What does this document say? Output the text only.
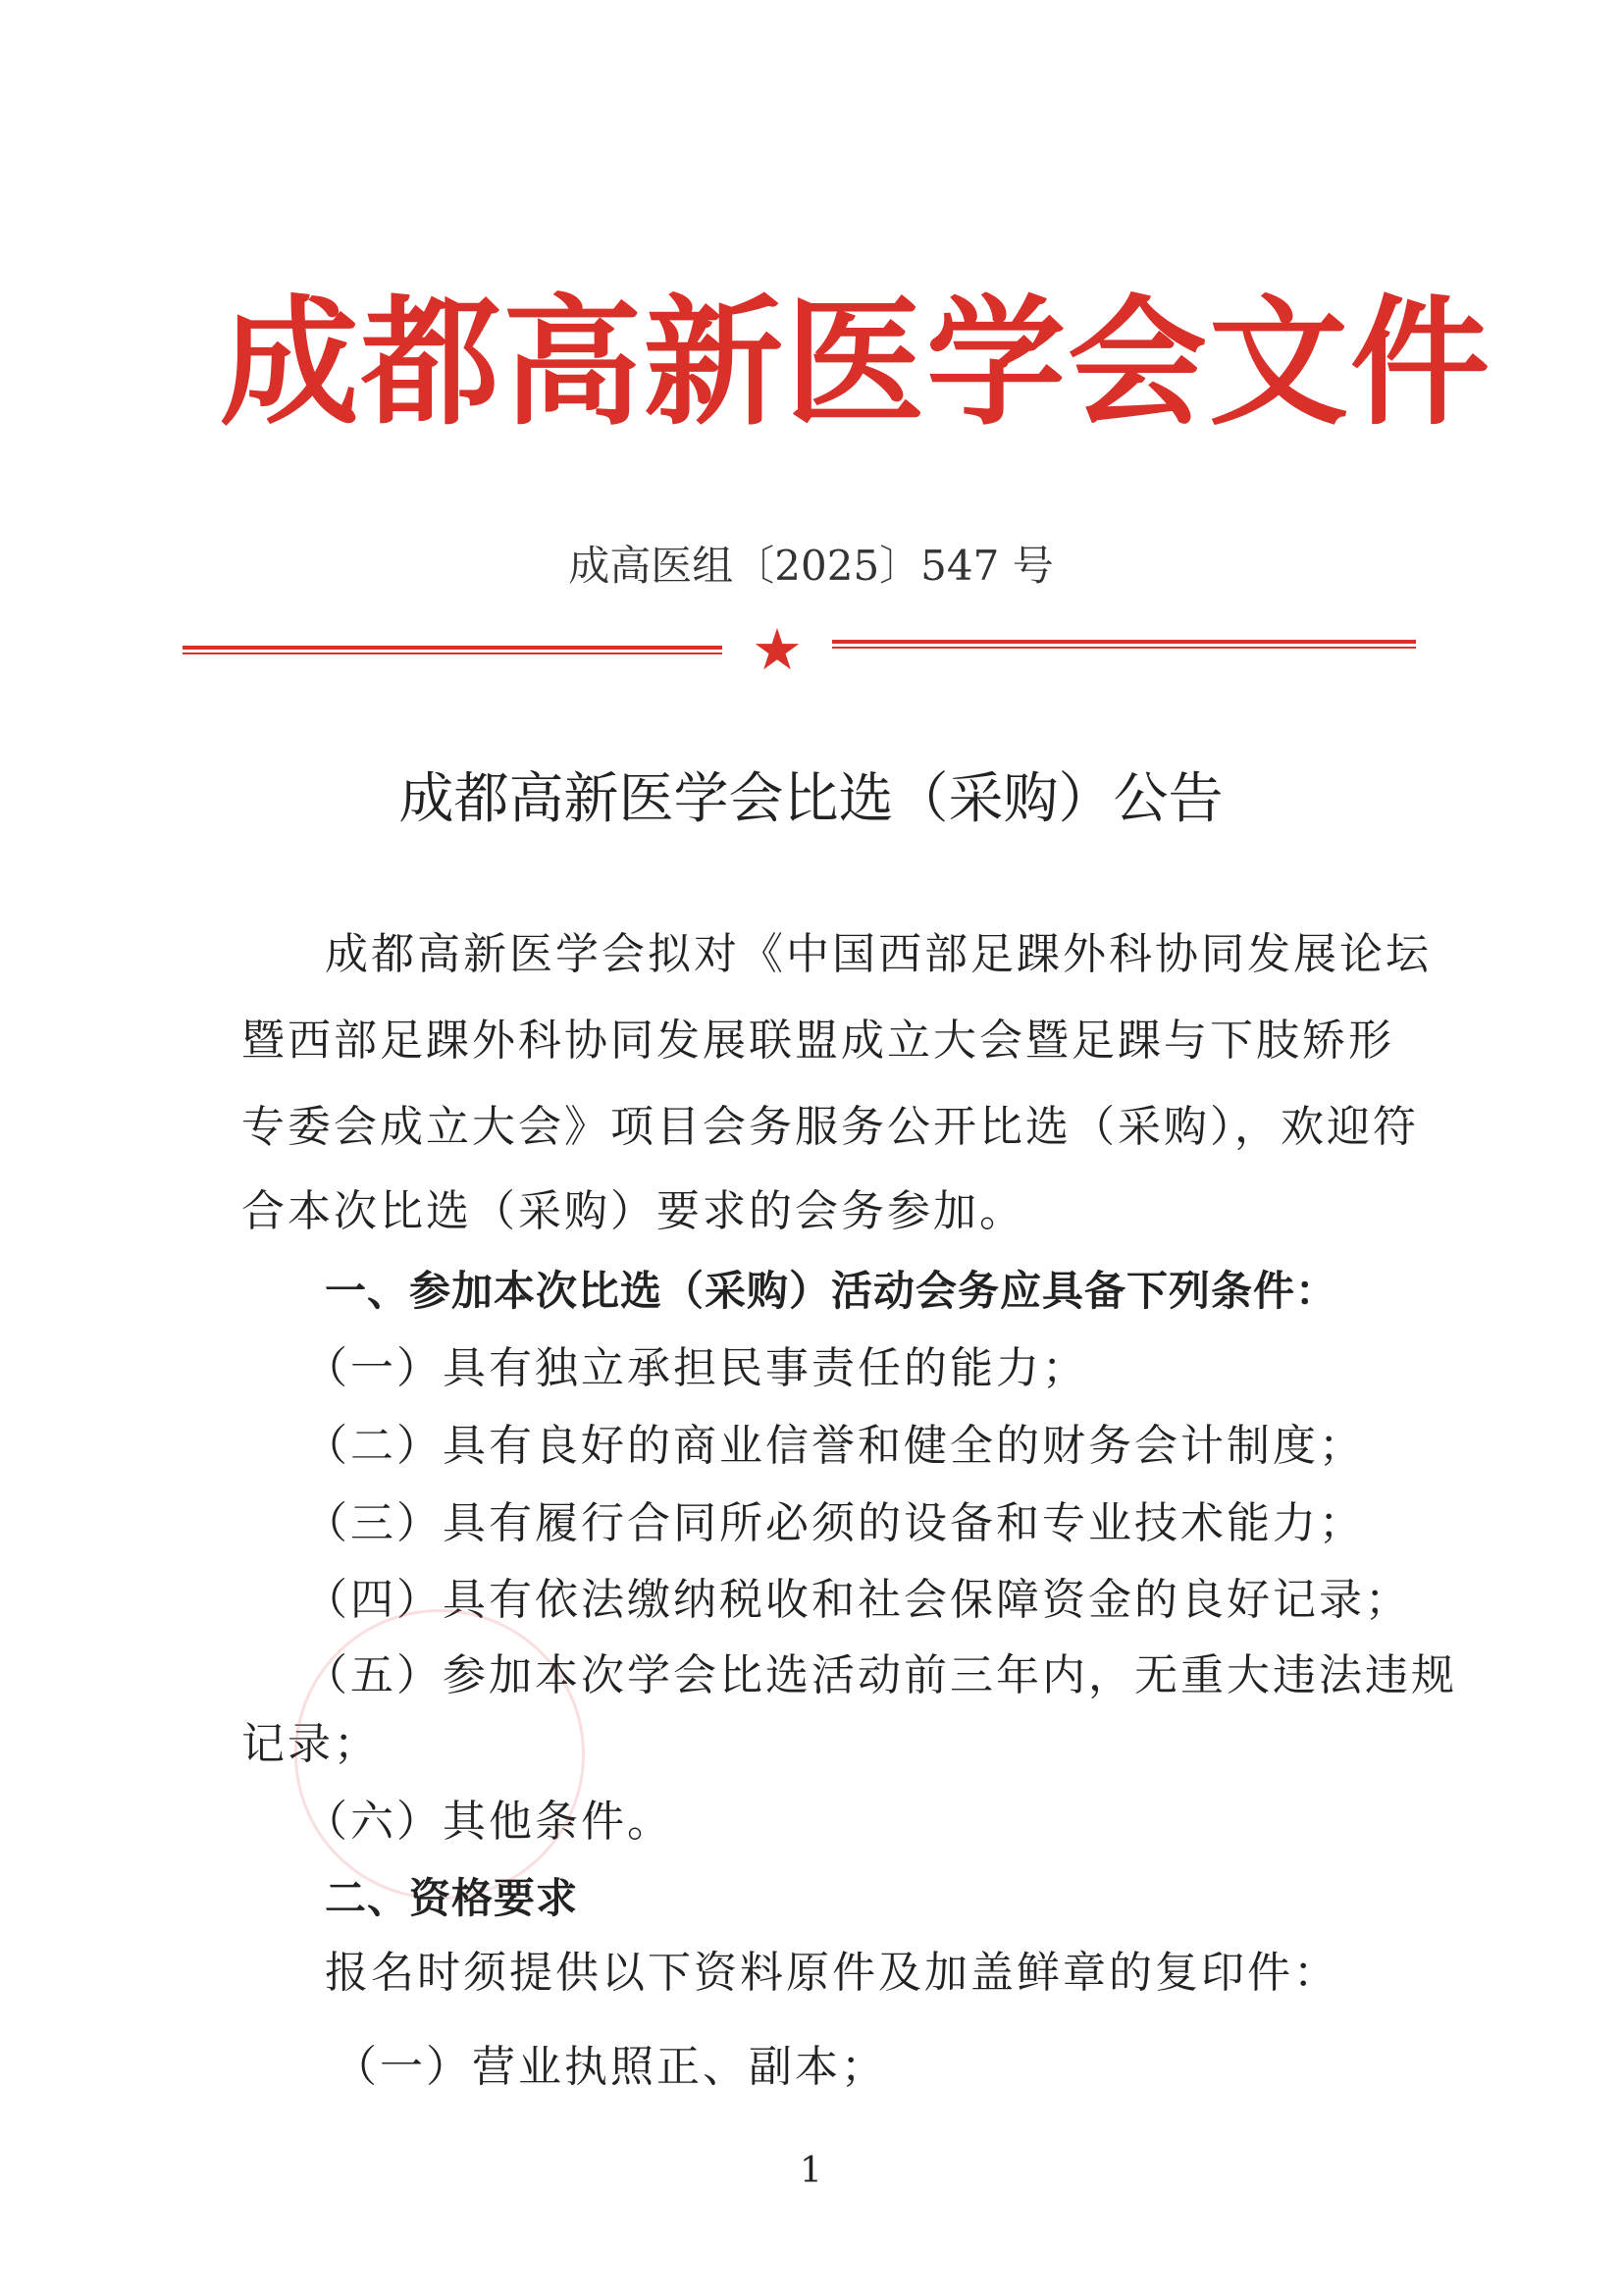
成都高新医学会文件
成高医组〔2025〕547 号
★
成都高新医学会比选（采购）公告
成都高新医学会拟对《中国西部足踝外科协同发展论坛
暨西部足踝外科协同发展联盟成立大会暨足踝与下肢矫形
专委会成立大会》项目会务服务公开比选（采购），欢迎符
合本次比选（采购）要求的会务参加。
一、参加本次比选（采购）活动会务应具备下列条件：
（一）具有独立承担民事责任的能力；
（二）具有良好的商业信誉和健全的财务会计制度；
（三）具有履行合同所必须的设备和专业技术能力；
（四）具有依法缴纳税收和社会保障资金的良好记录；
（五）参加本次学会比选活动前三年内，无重大违法违规
记录；
（六）其他条件。
二、资格要求
报名时须提供以下资料原件及加盖鲜章的复印件：
（一）营业执照正、副本；
1
